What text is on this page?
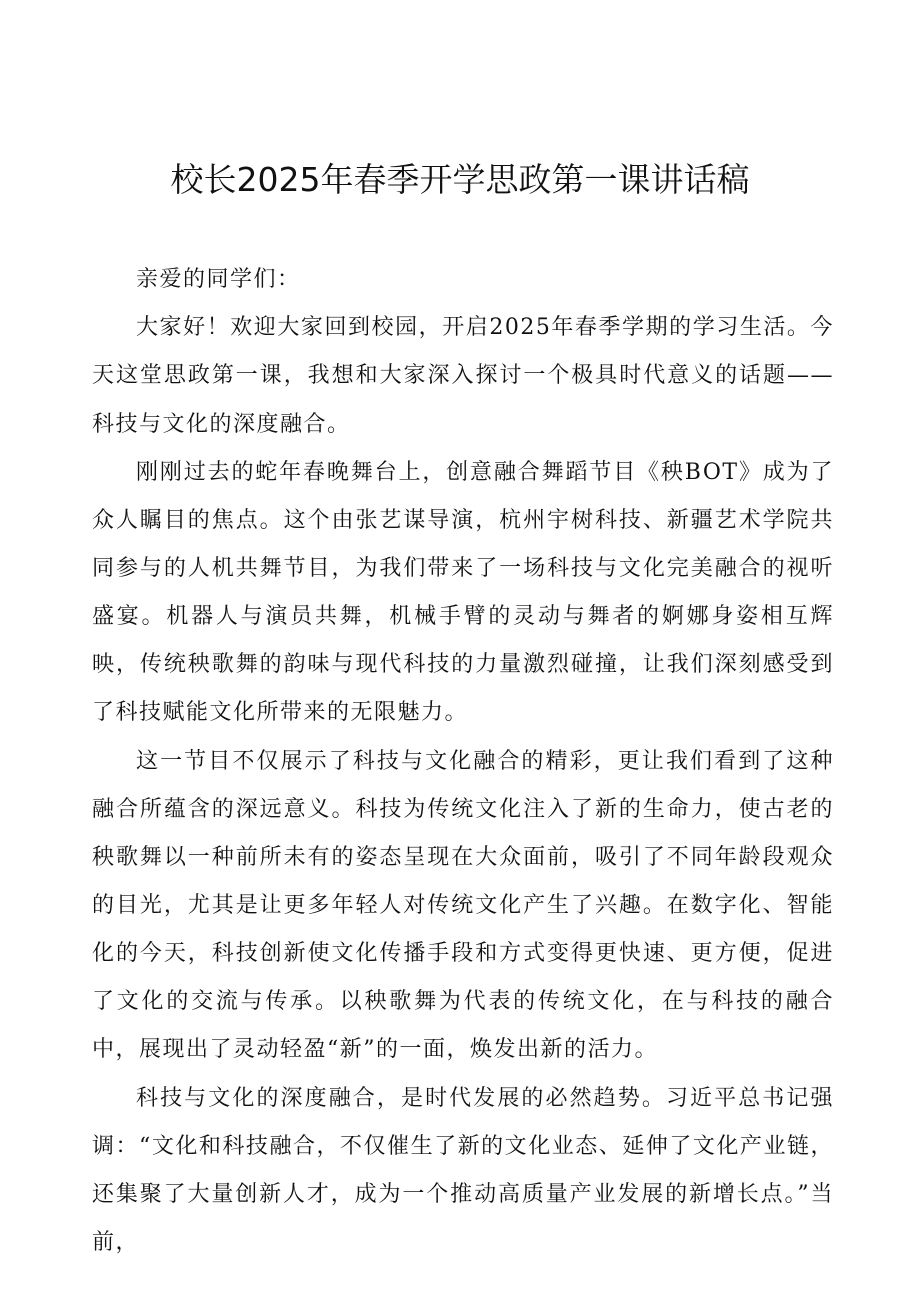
校长2025年春季开学思政第一课讲话稿

亲爱的同学们：

大家好！欢迎大家回到校园，开启2025年春季学期的学习生活。今天这堂思政第一课，我想和大家深入探讨一个极具时代意义的话题——科技与文化的深度融合。

刚刚过去的蛇年春晚舞台上，创意融合舞蹈节目《秧BOT》成为了众人瞩目的焦点。这个由张艺谋导演，杭州宇树科技、新疆艺术学院共同参与的人机共舞节目，为我们带来了一场科技与文化完美融合的视听盛宴。机器人与演员共舞，机械手臂的灵动与舞者的婀娜身姿相互辉映，传统秧歌舞的韵味与现代科技的力量激烈碰撞，让我们深刻感受到了科技赋能文化所带来的无限魅力。

这一节目不仅展示了科技与文化融合的精彩，更让我们看到了这种融合所蕴含的深远意义。科技为传统文化注入了新的生命力，使古老的秧歌舞以一种前所未有的姿态呈现在大众面前，吸引了不同年龄段观众的目光，尤其是让更多年轻人对传统文化产生了兴趣。在数字化、智能化的今天，科技创新使文化传播手段和方式变得更快速、更方便，促进了文化的交流与传承。以秧歌舞为代表的传统文化，在与科技的融合中，展现出了灵动轻盈“新”的一面，焕发出新的活力。

科技与文化的深度融合，是时代发展的必然趋势。习近平总书记强调：“文化和科技融合，不仅催生了新的文化业态、延伸了文化产业链，还集聚了大量创新人才，成为一个推动高质量产业发展的新增长点。”当前，
